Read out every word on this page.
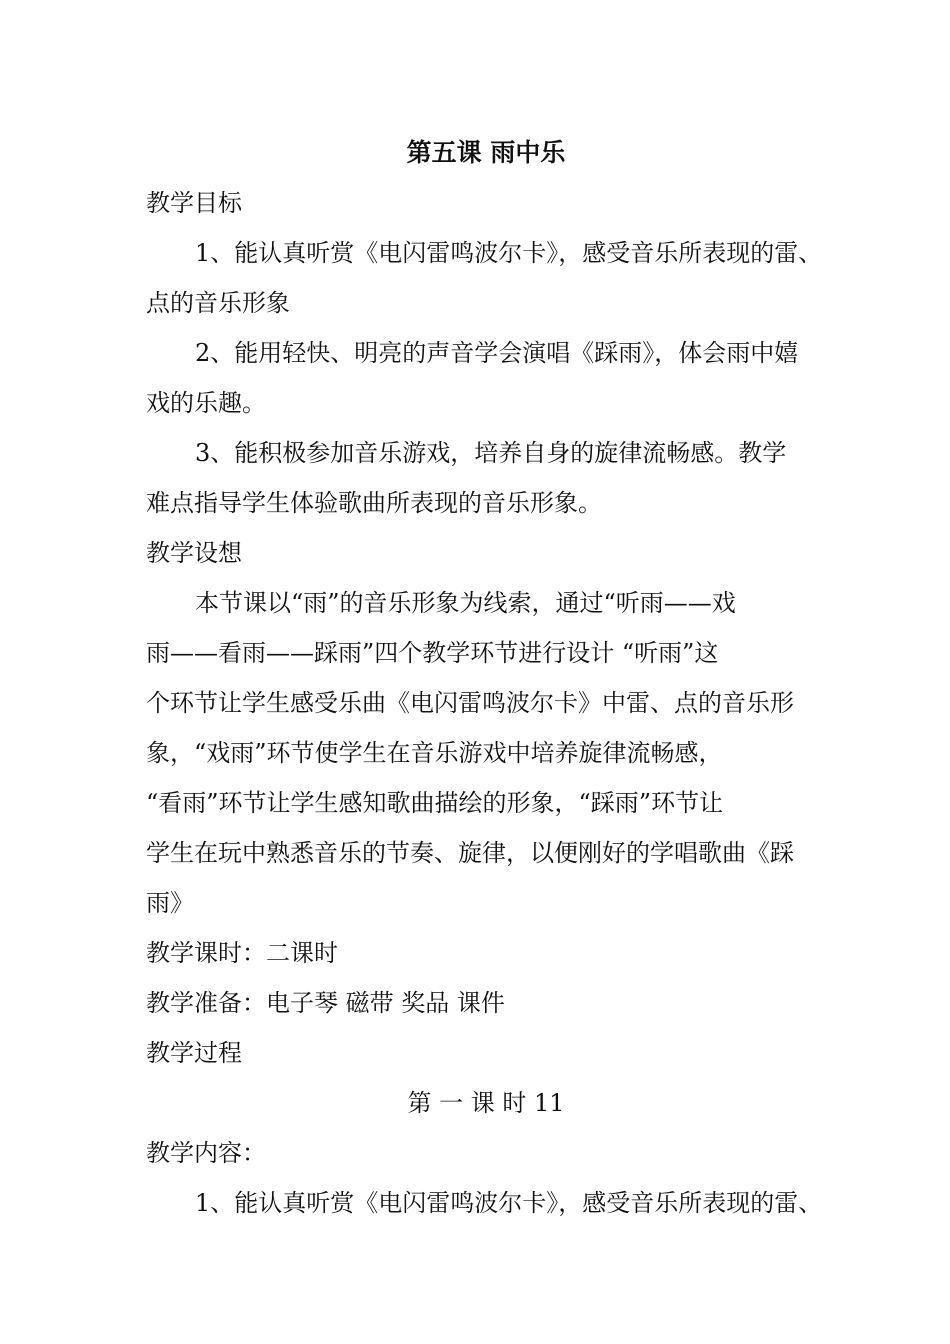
第五课 雨中乐
教学目标
1、能认真听赏《电闪雷鸣波尔卡》，感受音乐所表现的雷、
点的音乐形象
2、能用轻快、明亮的声音学会演唱《踩雨》，体会雨中嬉
戏的乐趣。
3、能积极参加音乐游戏，培养自身的旋律流畅感。教学
难点指导学生体验歌曲所表现的音乐形象。
教学设想
本节课以“雨”的音乐形象为线索，通过“听雨——戏
雨——看雨——踩雨”四个教学环节进行设计 “听雨”这
个环节让学生感受乐曲《电闪雷鸣波尔卡》中雷、点的音乐形
象，“戏雨”环节使学生在音乐游戏中培养旋律流畅感，
“看雨”环节让学生感知歌曲描绘的形象，“踩雨”环节让
学生在玩中熟悉音乐的节奏、旋律，以便刚好的学唱歌曲《踩
雨》
教学课时：二课时
教学准备：电子琴 磁带 奖品 课件
教学过程
第 一 课 时 11
教学内容：
1、能认真听赏《电闪雷鸣波尔卡》，感受音乐所表现的雷、
